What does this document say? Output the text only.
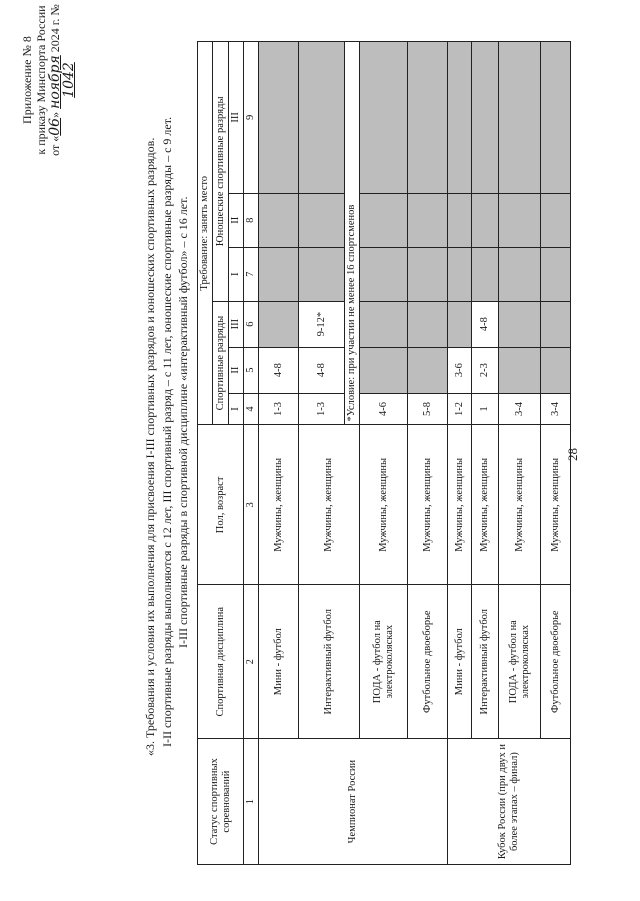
28
Приложение № 8 к приказу Минспорта России от «06» ноября 2024 г. № 1042
«3. Требования и условия их выполнения для присвоения I-III спортивных разрядов и юношеских спортивных разрядов. I-II спортивные разряды выполняются с 12 лет, III спортивный разряд – с 11 лет, юношеские спортивные разряды – с 9 лет. I-III спортивные разряды в спортивной дисциплине «интерактивный футбол» – с 16 лет.
Статус спортивных соревнований	Спортивная дисциплина	Пол, возраст	Требование: занять место					
			Спортивные разряды			Юношеские спортивные разряды		
			I	II	III	I	II	III
1	2	3	4	5	6	7	8	9
Чемпионат России	Мини - футбол	Мужчины, женщины	1-3	4-8				
	Интерактивный футбол	Мужчины, женщины	1-3	4-8	9-12*			
			*Условие: при участии не менее 16 спортсменов					
	ПОДА - футбол на электроколясках	Мужчины, женщины	4-6					
	Футбольное двоеборье	Мужчины, женщины	5-8					
Кубок России (при двух и более этапах – финал)	Мини - футбол	Мужчины, женщины	1-2	3-6				
	Интерактивный футбол	Мужчины, женщины	1	2-3	4-8			
	ПОДА - футбол на электроколясках	Мужчины, женщины	3-4					
	Футбольное двоеборье	Мужчины, женщины	3-4					
